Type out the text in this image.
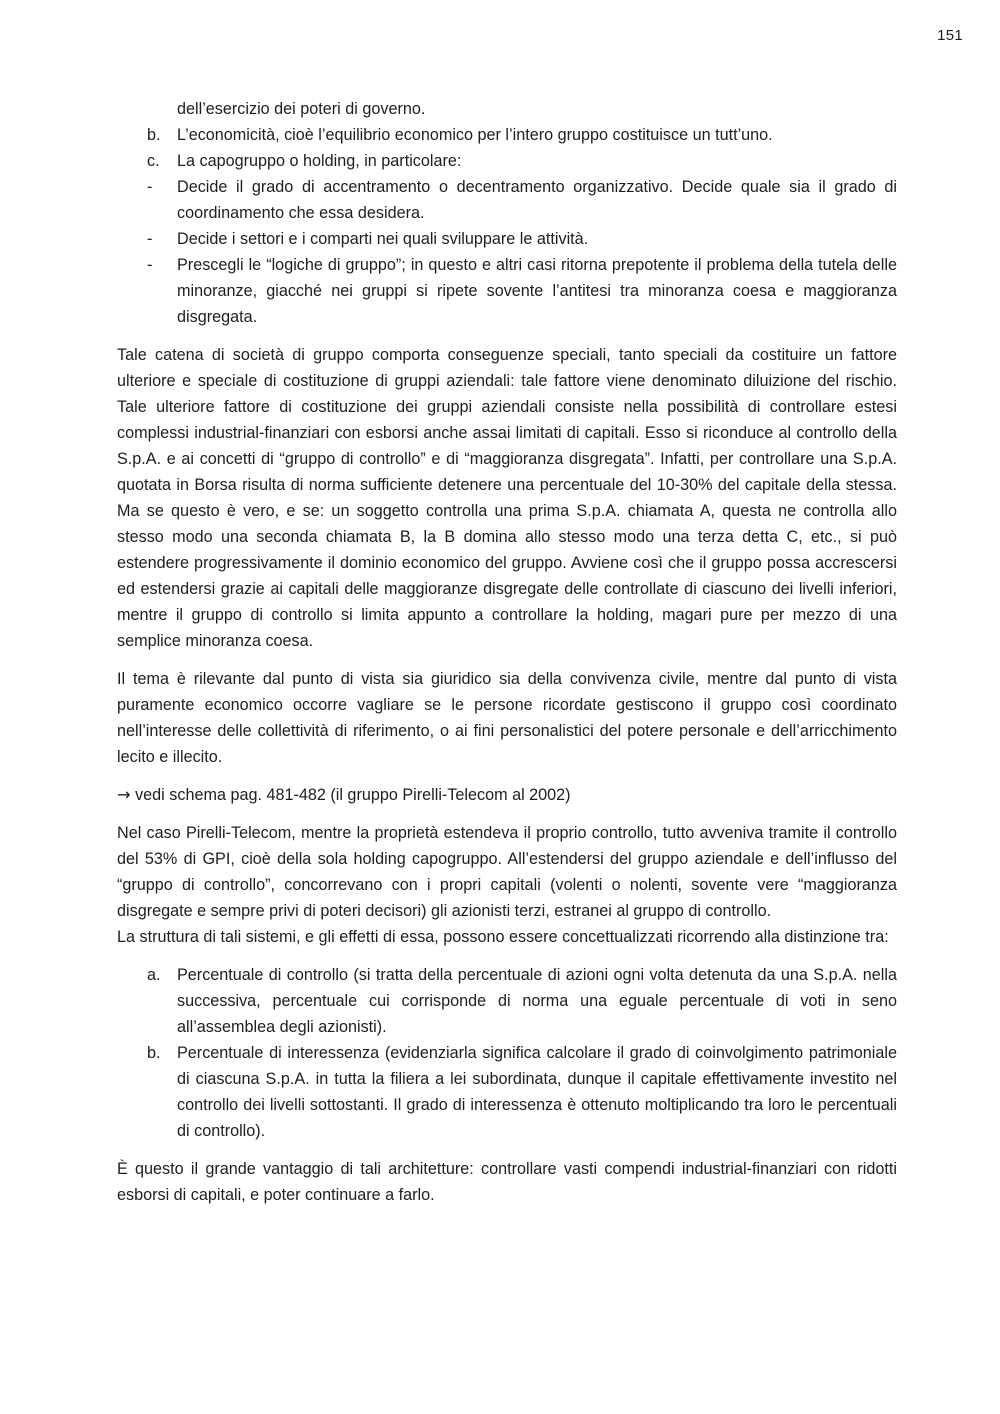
151
dell’esercizio dei poteri di governo.
b.	L’economicità, cioè l’equilibrio economico per l’intero gruppo costituisce un tutt’uno.
c.	La capogruppo o holding, in particolare:
-	Decide il grado di accentramento o decentramento organizzativo. Decide quale sia il grado di coordinamento che essa desidera.
-	Decide i settori e i comparti nei quali sviluppare le attività.
-	Prescegli le “logiche di gruppo”; in questo e altri casi ritorna prepotente il problema della tutela delle minoranze, giacché nei gruppi si ripete sovente l’antitesi tra minoranza coesa e maggioranza disgregata.

Tale catena di società di gruppo comporta conseguenze speciali, tanto speciali da costituire un fattore ulteriore e speciale di costituzione di gruppi aziendali: tale fattore viene denominato diluizione del rischio. Tale ulteriore fattore di costituzione dei gruppi aziendali consiste nella possibilità di controllare estesi complessi industrial-finanziari con esborsi anche assai limitati di capitali. Esso si riconduce al controllo della S.p.A. e ai concetti di “gruppo di controllo” e di “maggioranza disgregata”. Infatti, per controllare una S.p.A. quotata in Borsa risulta di norma sufficiente detenere una percentuale del 10-30% del capitale della stessa. Ma se questo è vero, e se: un soggetto controlla una prima S.p.A. chiamata A, questa ne controlla allo stesso modo una seconda chiamata B, la B domina allo stesso modo una terza detta C, etc., si può estendere progressivamente il dominio economico del gruppo. Avviene così che il gruppo possa accrescersi ed estendersi grazie ai capitali delle maggioranze disgregate delle controllate di ciascuno dei livelli inferiori, mentre il gruppo di controllo si limita appunto a controllare la holding, magari pure per mezzo di una semplice minoranza coesa.

Il tema è rilevante dal punto di vista sia giuridico sia della convivenza civile, mentre dal punto di vista puramente economico occorre vagliare se le persone ricordate gestiscono il gruppo così coordinato nell’interesse delle collettività di riferimento, o ai fini personalistici del potere personale e dell’arricchimento lecito e illecito.

→ vedi schema pag. 481-482 (il gruppo Pirelli-Telecom al 2002)

Nel caso Pirelli-Telecom, mentre la proprietà estendeva il proprio controllo, tutto avveniva tramite il controllo del 53% di GPI, cioè della sola holding capogruppo. All’estendersi del gruppo aziendale e dell’influsso del “gruppo di controllo”, concorrevano con i propri capitali (volenti o nolenti, sovente vere “maggioranza disgregate e sempre privi di poteri decisori) gli azionisti terzi, estranei al gruppo di controllo.

La struttura di tali sistemi, e gli effetti di essa, possono essere concettualizzati ricorrendo alla distinzione tra:

a.	Percentuale di controllo (si tratta della percentuale di azioni ogni volta detenuta da una S.p.A. nella successiva, percentuale cui corrisponde di norma una eguale percentuale di voti in seno all’assemblea degli azionisti).
b.	Percentuale di interessenza (evidenziarla significa calcolare il grado di coinvolgimento patrimoniale di ciascuna S.p.A. in tutta la filiera a lei subordinata, dunque il capitale effettivamente investito nel controllo dei livelli sottostanti. Il grado di interessenza è ottenuto moltiplicando tra loro le percentuali di controllo).

È questo il grande vantaggio di tali architetture: controllare vasti compendi industrial-finanziari con ridotti esborsi di capitali, e poter continuare a farlo.
